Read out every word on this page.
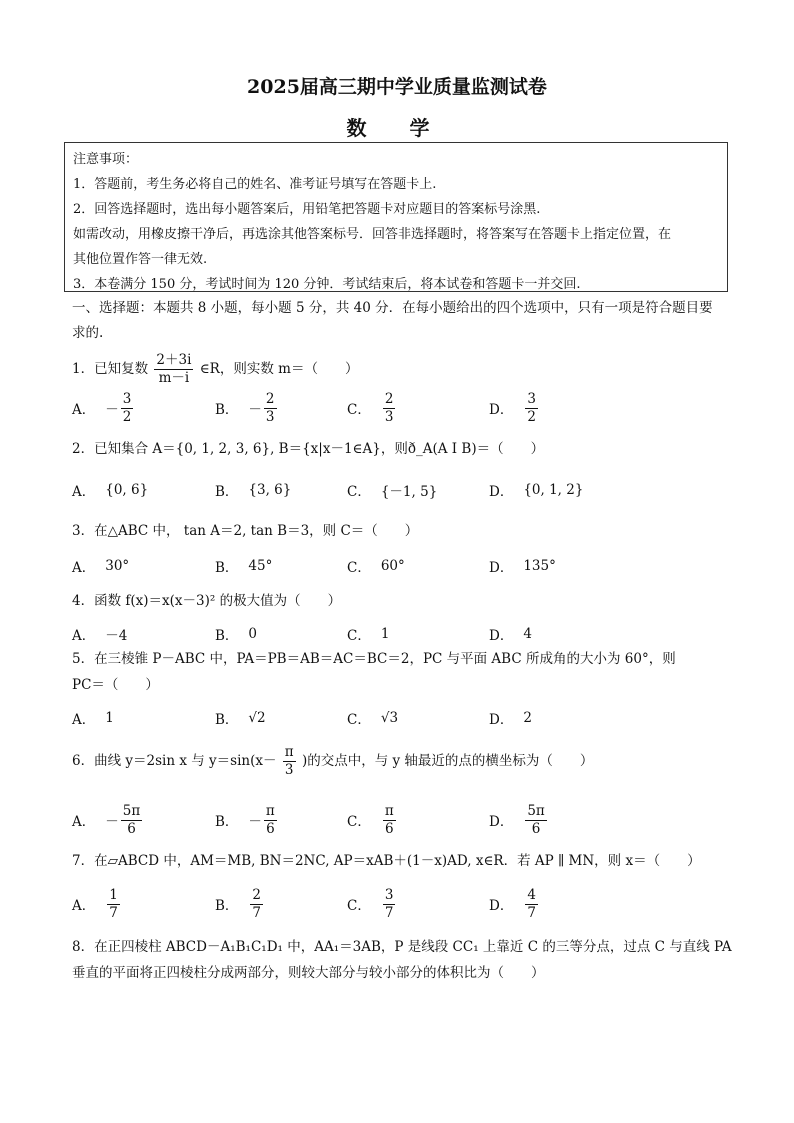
2025届高三期中学业质量监测试卷
数 学
注意事项：
1．答题前，考生务必将自己的姓名、准考证号填写在答题卡上.
2．回答选择题时，选出每小题答案后，用铅笔把答题卡对应题目的答案标号涂黑.
如需改动，用橡皮擦干净后，再选涂其他答案标号．回答非选择题时，将答案写在答题卡上指定位置，在
其他位置作答一律无效.
3．本卷满分 150 分，考试时间为 120 分钟．考试结束后，将本试卷和答题卡一并交回.
一、选择题：本题共 8 小题，每小题 5 分，共 40 分．在每小题给出的四个选项中，只有一项是符合题目要
求的.
1．已知复数 $\frac{2+3i}{m-i}$ ∈R，则实数 m＝（　　）
A． － $\frac{3}{2}$	B． － $\frac{2}{3}$	C． $\frac{2}{3}$	D． $\frac{3}{2}$
2．已知集合 A＝{0, 1, 2, 3, 6}, B＝{x|x－1∈A}，则ð_A(A I B)＝（　　）
A． {0, 6}	B． {3, 6}	C． {－1, 5}	D． {0, 1, 2}
3．在△ABC 中， tan A＝2, tan B＝3，则 C＝（　　）
A． 30°	B． 45°	C． 60°	D． 135°
4．函数 f(x)＝x(x－3)² 的极大值为（　　）
A． －4	B． 0	C． 1	D． 4
5．在三棱锥 P－ABC 中，PA＝PB＝AB＝AC＝BC＝2，PC 与平面 ABC 所成角的大小为 60°，则
PC＝（　　）
A． 1	B． √2	C． √3	D． 2
6．曲线 y＝2sin x 与 $y=\sin(x- \frac{\pi}{3}$ )的交点中，与 y 轴最近的点的横坐标为（　　）
A． － $\frac{5\pi}{6}$	B． － $\frac{\pi}{6}$	C． $\frac{\pi}{6}$	D． $\frac{5\pi}{6}$
7．在▱ABCD 中，AM＝MB, BN＝2NC, AP＝xAB＋(1－x)AD, x∈R．若 AP ∥ MN，则 x＝（　　）
A． $\frac{1}{7}$	B． $\frac{2}{7}$	C． $\frac{3}{7}$	D． $\frac{4}{7}$
8．在正四棱柱 ABCD－A₁B₁C₁D₁ 中，AA₁＝3AB，P 是线段 CC₁ 上靠近 C 的三等分点，过点 C 与直线 PA
垂直的平面将正四棱柱分成两部分，则较大部分与较小部分的体积比为（　　）
